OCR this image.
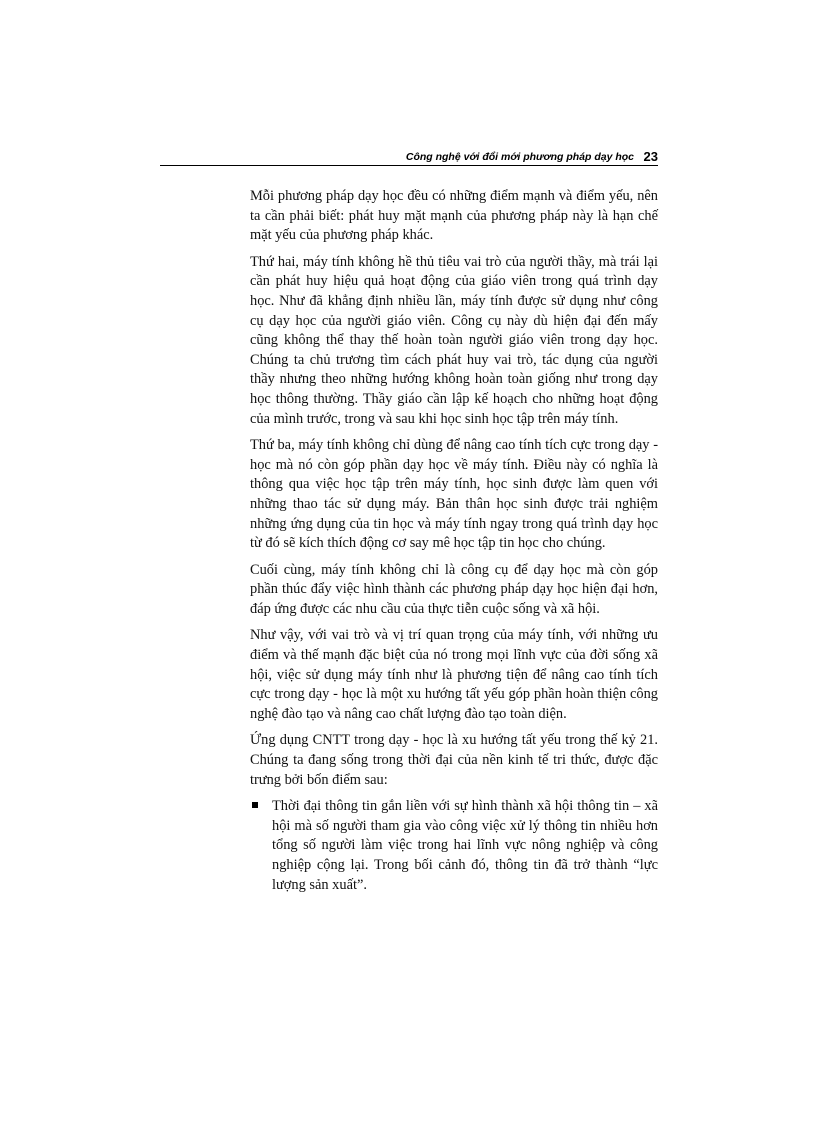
Công nghệ với đổi mới phương pháp dạy học 23

Mỗi phương pháp dạy học đều có những điểm mạnh và điểm yếu, nên ta cần phải biết: phát huy mặt mạnh của phương pháp này là hạn chế mặt yếu của phương pháp khác.

Thứ hai, máy tính không hề thủ tiêu vai trò của người thầy, mà trái lại cần phát huy hiệu quả hoạt động của giáo viên trong quá trình dạy học. Như đã khẳng định nhiều lần, máy tính được sử dụng như công cụ dạy học của người giáo viên. Công cụ này dù hiện đại đến mấy cũng không thể thay thế hoàn toàn người giáo viên trong dạy học. Chúng ta chủ trương tìm cách phát huy vai trò, tác dụng của người thầy nhưng theo những hướng không hoàn toàn giống như trong dạy học thông thường. Thầy giáo cần lập kế hoạch cho những hoạt động của mình trước, trong và sau khi học sinh học tập trên máy tính.

Thứ ba, máy tính không chỉ dùng để nâng cao tính tích cực trong dạy - học mà nó còn góp phần dạy học về máy tính. Điều này có nghĩa là thông qua việc học tập trên máy tính, học sinh được làm quen với những thao tác sử dụng máy. Bản thân học sinh được trải nghiệm những ứng dụng của tin học và máy tính ngay trong quá trình dạy học từ đó sẽ kích thích động cơ say mê học tập tin học cho chúng.

Cuối cùng, máy tính không chỉ là công cụ để dạy học mà còn góp phần thúc đẩy việc hình thành các phương pháp dạy học hiện đại hơn, đáp ứng được các nhu cầu của thực tiễn cuộc sống và xã hội.

Như vậy, với vai trò và vị trí quan trọng của máy tính, với những ưu điểm và thế mạnh đặc biệt của nó trong mọi lĩnh vực của đời sống xã hội, việc sử dụng máy tính như là phương tiện để nâng cao tính tích cực trong dạy - học là một xu hướng tất yếu góp phần hoàn thiện công nghệ đào tạo và nâng cao chất lượng đào tạo toàn diện.

Ứng dụng CNTT trong dạy - học là xu hướng tất yếu trong thế kỷ 21. Chúng ta đang sống trong thời đại của nền kinh tế tri thức, được đặc trưng bởi bốn điểm sau:

Thời đại thông tin gắn liền với sự hình thành xã hội thông tin – xã hội mà số người tham gia vào công việc xử lý thông tin nhiều hơn tổng số người làm việc trong hai lĩnh vực nông nghiệp và công nghiệp cộng lại. Trong bối cảnh đó, thông tin đã trở thành “lực lượng sản xuất”.
